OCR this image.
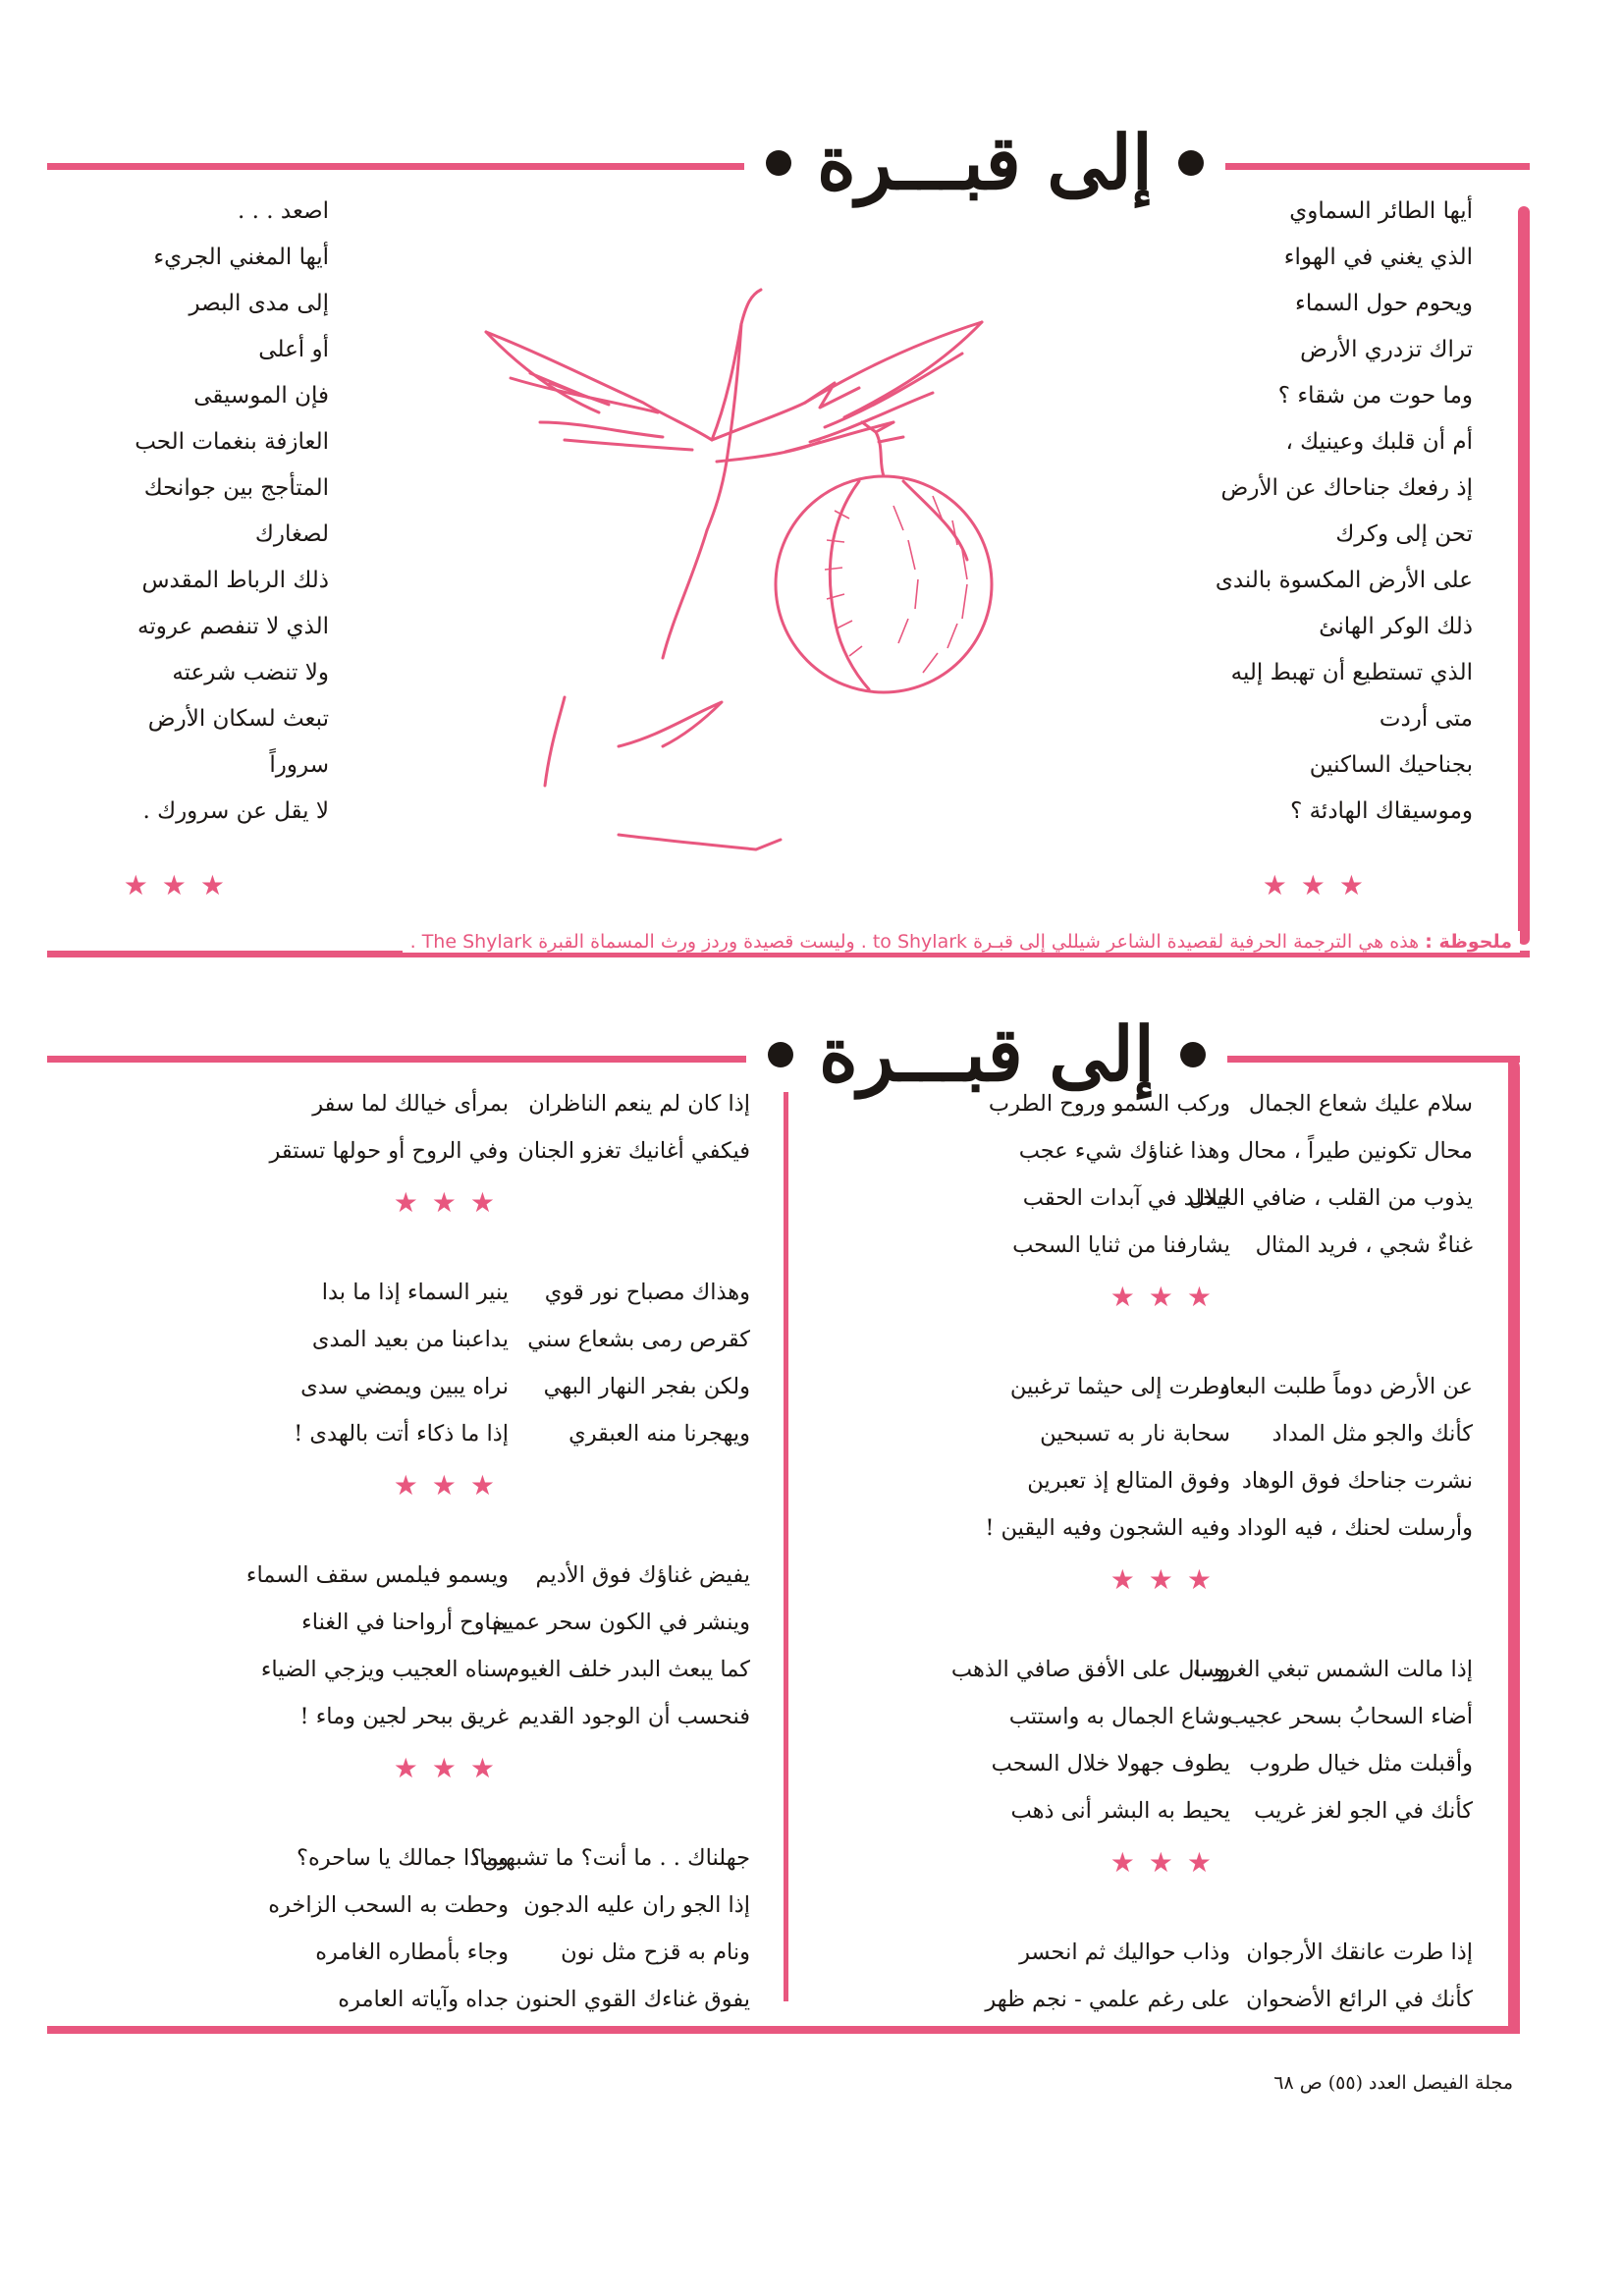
إلى قبـــرة
أيها الطائر السماوي
الذي يغني في الهواء
ويحوم حول السماء
تراك تزدري الأرض
وما حوت من شقاء ؟
أم أن قلبك وعينيك ،
إذ رفعك جناحاك عن الأرض
تحن إلى وكرك
على الأرض المكسوة بالندى
ذلك الوكر الهانئ
الذي تستطيع أن تهبط إليه
متى أردت
بجناحيك الساكنين
وموسيقاك الهادئة ؟
اصعد . . .
أيها المغني الجريء
إلى مدى البصر
أو أعلى
فإن الموسيقى
العازفة بنغمات الحب
المتأجج بين جوانحك
لصغارك
ذلك الرباط المقدس
الذي لا تنفصم عروته
ولا تنضب شرعته
تبعث لسكان الأرض
سروراً
لا يقل عن سرورك .
★★★
★★★
ملحوظة : هذه هي الترجمة الحرفية لقصيدة الشاعر شيللي إلى قبـرة to Shylark . وليست قصيدة وردز ورث المسماة القبرة The Shylark .
إلى قبـــرة
سلام عليك شعاع الجمال
محال تكونين طيراً ، محال
يذوب من القلب ، ضافي الجلال
غناءٌ شجي ، فريد المثال
وركب السمو وروح الطرب
وهذا غناؤك شيء عجب
ليخلد في آبدات الحقب
يشارفنا من ثنايا السحب
★★★
عن الأرض دوماً طلبت البعاد
كأنك والجو مثل المداد
نشرت جناحك فوق الوهاد
وأرسلت لحنك ، فيه الوداد
وطرت إلى حيثما ترغبين
سحابة نار به تسبحين
وفوق المتالع إذ تعبرين
وفيه الشجون وفيه اليقين !
★★★
إذا مالت الشمس تبغي الغروب
أضاء السحابُ بسحر عجيب
وأقبلت مثل خيال طروب
كأنك في الجو لغز غريب
وسال على الأفق صافي الذهب
وشاع الجمال به واستتب
يطوف جهولا خلال السحب
يحيط به البشر أنى ذهب
★★★
إذا طرت عانقك الأرجوان
كأنك في الرائع الأضحوان
وذاب حواليك ثم انحسر
على رغم علمي - نجم ظهر
إذا كان لم ينعم الناظران
فيكفي أغانيك تغزو الجنان
بمرأى خيالك لما سفر
وفي الروح أو حولها تستقر
★★★
وهذاك مصباح نور قوي
كقرص رمى بشعاع سني
ولكن بفجر النهار البهي
ويهجرنا منه العبقري
ينير السماء إذا ما بدا
يداعبنا من بعيد المدى
نراه يبين ويمضي سدى
إذا ما ذكاء أتت بالهدى !
★★★
يفيض غناؤك فوق الأديم
وينشر في الكون سحر عميم
كما يبعث البدر خلف الغيوم
فنحسب أن الوجود القديم
ويسمو فيلمس سقف السماء
يفاوح أرواحنا في الغناء
سناه العجيب ويزجي الضياء
غريق ببحر لجين وماء !
★★★
جهلناك . . ما أنت؟ ما تشبهين؟
إذا الجو ران عليه الدجون
ونام به قزح مثل نون
يفوق غناءك القوي الحنون
وماذا جمالك يا ساحره؟
وحطت به السحب الزاخره
وجاء بأمطاره الغامره
جداه وآياته العامره
مجلة الفيصل العدد (٥٥) ص ٦٨
